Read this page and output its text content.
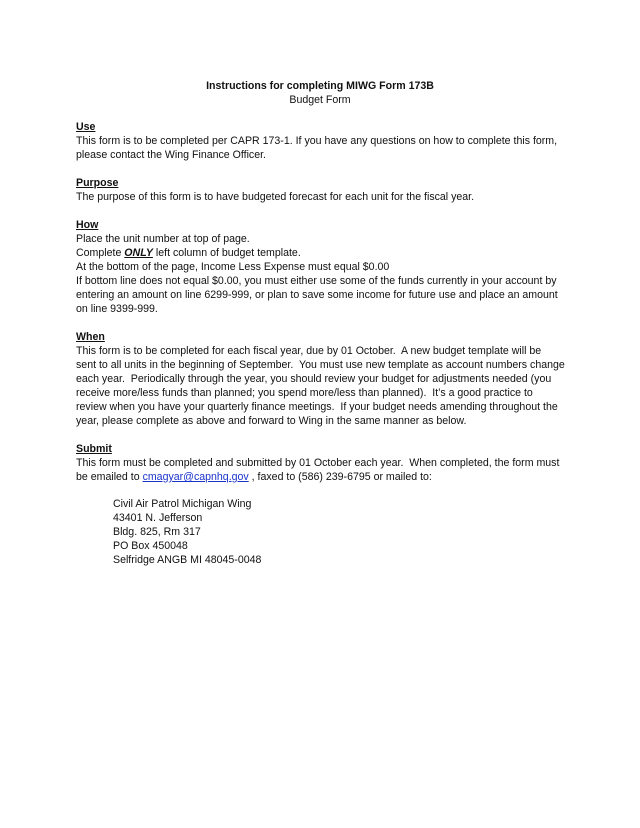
Instructions for completing MIWG Form 173B
Budget Form
Use
This form is to be completed per CAPR 173-1. If you have any questions on how to complete this form,
please contact the Wing Finance Officer.
Purpose
The purpose of this form is to have budgeted forecast for each unit for the fiscal year.
How
Place the unit number at top of page.
Complete ONLY left column of budget template.
At the bottom of the page, Income Less Expense must equal $0.00
If bottom line does not equal $0.00, you must either use some of the funds currently in your account by
entering an amount on line 6299-999, or plan to save some income for future use and place an amount
on line 9399-999.
When
This form is to be completed for each fiscal year, due by 01 October.  A new budget template will be
sent to all units in the beginning of September.  You must use new template as account numbers change
each year.  Periodically through the year, you should review your budget for adjustments needed (you
receive more/less funds than planned; you spend more/less than planned).  It’s a good practice to
review when you have your quarterly finance meetings.  If your budget needs amending throughout the
year, please complete as above and forward to Wing in the same manner as below.
Submit
This form must be completed and submitted by 01 October each year.  When completed, the form must
be emailed to cmagyar@capnhq.gov , faxed to (586) 239-6795 or mailed to:
Civil Air Patrol Michigan Wing
43401 N. Jefferson
Bldg. 825, Rm 317
PO Box 450048
Selfridge ANGB MI 48045-0048
